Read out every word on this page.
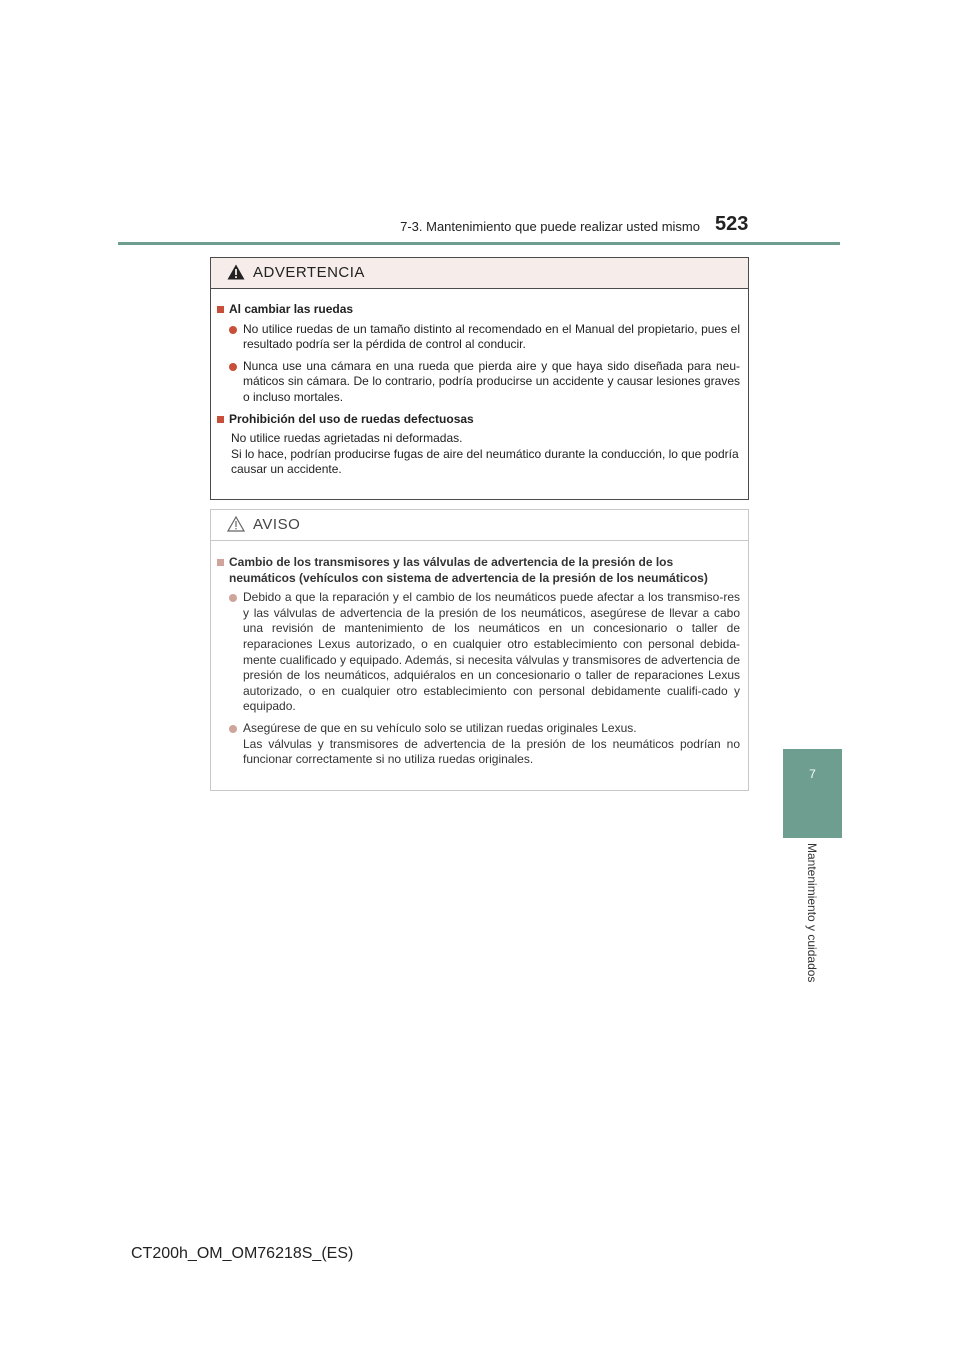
7-3. Mantenimiento que puede realizar usted mismo 523
7
Mantenimiento y cuidados
ADVERTENCIA

Al cambiar las ruedas

No utilice ruedas de un tamaño distinto al recomendado en el Manual del propietario, pues el resultado podría ser la pérdida de control al conducir.

Nunca use una cámara en una rueda que pierda aire y que haya sido diseñada para neu-máticos sin cámara. De lo contrario, podría producirse un accidente y causar lesiones graves o incluso mortales.

Prohibición del uso de ruedas defectuosas

No utilice ruedas agrietadas ni deformadas.

Si lo hace, podrían producirse fugas de aire del neumático durante la conducción, lo que podría causar un accidente.

AVISO

Cambio de los transmisores y las válvulas de advertencia de la presión de los neumáticos (vehículos con sistema de advertencia de la presión de los neumáticos)

Debido a que la reparación y el cambio de los neumáticos puede afectar a los transmiso-res y las válvulas de advertencia de la presión de los neumáticos, asegúrese de llevar a cabo una revisión de mantenimiento de los neumáticos en un concesionario o taller de reparaciones Lexus autorizado, o en cualquier otro establecimiento con personal debida-mente cualificado y equipado. Además, si necesita válvulas y transmisores de advertencia de presión de los neumáticos, adquiéralos en un concesionario o taller de reparaciones Lexus autorizado, o en cualquier otro establecimiento con personal debidamente cualifi-cado y equipado.

Asegúrese de que en su vehículo solo se utilizan ruedas originales Lexus.

Las válvulas y transmisores de advertencia de la presión de los neumáticos podrían no funcionar correctamente si no utiliza ruedas originales.

CT200h_OM_OM76218S_(ES)
